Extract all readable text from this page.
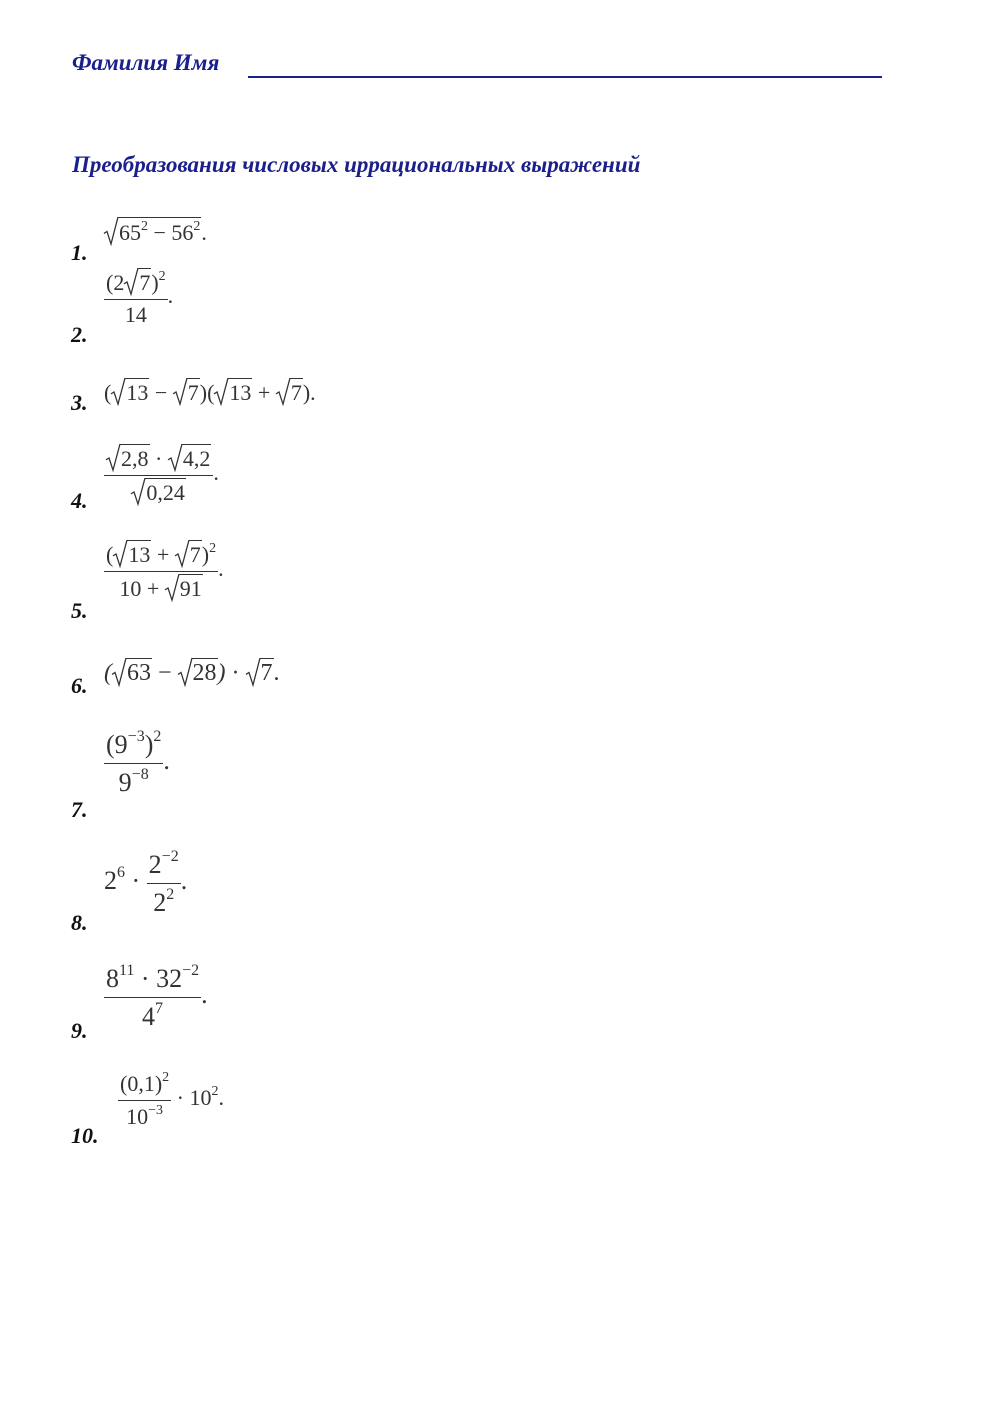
Фамилия Имя
Преобразования числовых иррациональных выражений
1.
$65^2 - 56^2$.
2.
$\frac{(2 7)^2}{14}$ .
3. ( 13 −
7)( 13 +
7).
4. 2,8 ·
4,2
0,24 .
5.
( 13 +
7)$^2$
10 +
91 .
6. ( 63 −
28) ·
7.
7.
$\frac{(9^{-3})^2}{9^{-8}}$ .
8.
$2^6 \cdot \frac{2^{-2}}{2^2}$ .
9. $\frac{8^{11} \cdot 32^{-2}}{4^7}$ .
10.
$\frac{(0,1)^2}{10^{-3}} \cdot 10^2$.
